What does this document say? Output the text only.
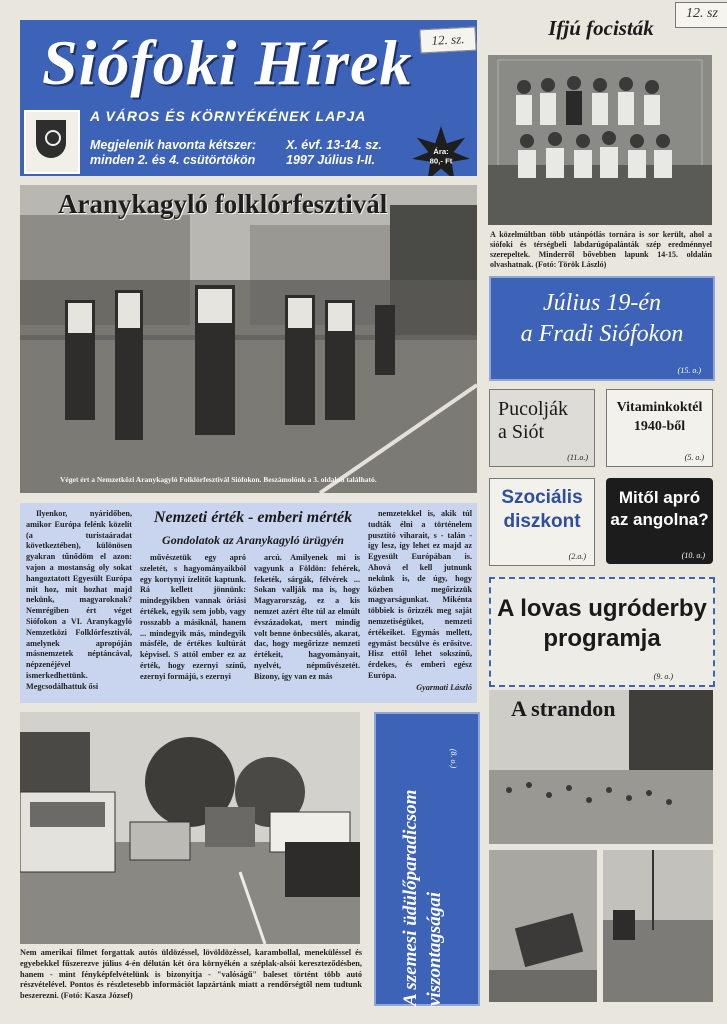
12. sz
Siófoki Hírek
A VÁROS ÉS KÖRNYÉKÉNEK LAPJA
Megjelenik havonta kétszer:
minden 2. és 4. csütörtökön
X. évf. 13-14. sz.
1997 Július I-II.
Ára:
80,- Ft
12. sz.	Ifjú focisták
A közelmúltban több utánpótlás tornára is sor került, ahol a siófoki és térségbeli labdarúgópalánták szép eredménnyel szerepeltek. Minderről bővebben lapunk 14-15. oldalán olvashatnak. (Fotó: Török László)
Aranykagyló folklórfesztivál
Véget ért a Nemzetközi Aranykagyló Folklórfesztivál Siófokon. Beszámolónk a 3. oldalon található.
Július 19-én
a Fradi Siófokon
(15. o.)
Pucolják
a Siót
(11.o.)
Vitaminkoktél
1940-ből
(5. o.)
Szociális
diszkont
(2.o.)
Mitől apró
az angolna?
(10. o.)
A lovas ugróderby
programja
(9. o.)
A strandon
Nemzeti érték - emberi mérték
Gondolatok az Aranykagyló ürügyén

Ilyenkor, nyáridőben, amikor Európa felénk közelít (a turistaáradat következtében), különösen gyakran tűnődöm el azon: vajon a mostanság oly sokat hangoztatott Egyesült Európa mit hoz, mit hozhat majd nekünk, magyaroknak? Nemrégiben ért véget Siófokon a VI. Aranykagyló Nemzetközi Folklórfesztivál, amelynek apropóján másnemzetek néptáncával, népzenéjével ismerkedhettünk. Megcsodálhattuk ősi

művészetük egy apró szeletét, s hagyományaikból egy kortynyi ízelítőt kaptunk. Rá kellett jönnünk: mindegyikben vannak óriási értékek, egyik sem jobb, vagy rosszabb a másiknál, hanem ... mindegyik más, mindegyik másféle, de értékes kultúrát képvisel. S attól ember ez az érték, hogy ezernyi színű, ezernyi formájú, s ezernyi

arcú. Amilyenek mi is vagyunk a Földön: fehérek, feketék, sárgák, félvérek ... Sokan vallják ma is, hogy Magyarország, ez a kis nemzet azért élte túl az elmúlt évszázadokat, mert mindig volt benne önbecsülés, akarat, dac, hogy megőrizze nemzeti értékeit, hagyományait, nyelvét, népművészetét. Bizony, így van ez más

nemzetekkel is, akik túl tudták élni a történelem pusztító viharait, s - talán - így lesz, így lehet ez majd az Egyesült Európában is. Ahová el kell jutnunk nekünk is, de úgy, hogy közben megőrizzük magyarságunkat. Mikénta többiek is őrizzék meg saját nemzetiségüket, nemzeti értékeiket. Egymás mellett, egymást becsülve és erősítve. Hisz ettől lehet sokszínű, érdekes, és emberi egész Európa.

Gyarmati László
A szemesi üdülőparadicsom viszontagságai
(8. o.)
Nem amerikai filmet forgattak autós üldözéssel, lövöldözéssel, karambollal, meneküléssel és egyebekkel fűszerezve július 4-én délután két óra környékén a széplak-alsói kereszteződésben, hanem - mint fényképfelvételünk is bizonyítja - "valóságű" baleset történt több autó részvételével. Pontos és részletesebb információt lapzártánk miatt a rendőrségtől nem tudtunk beszerezni. (Fotó: Kasza József)
